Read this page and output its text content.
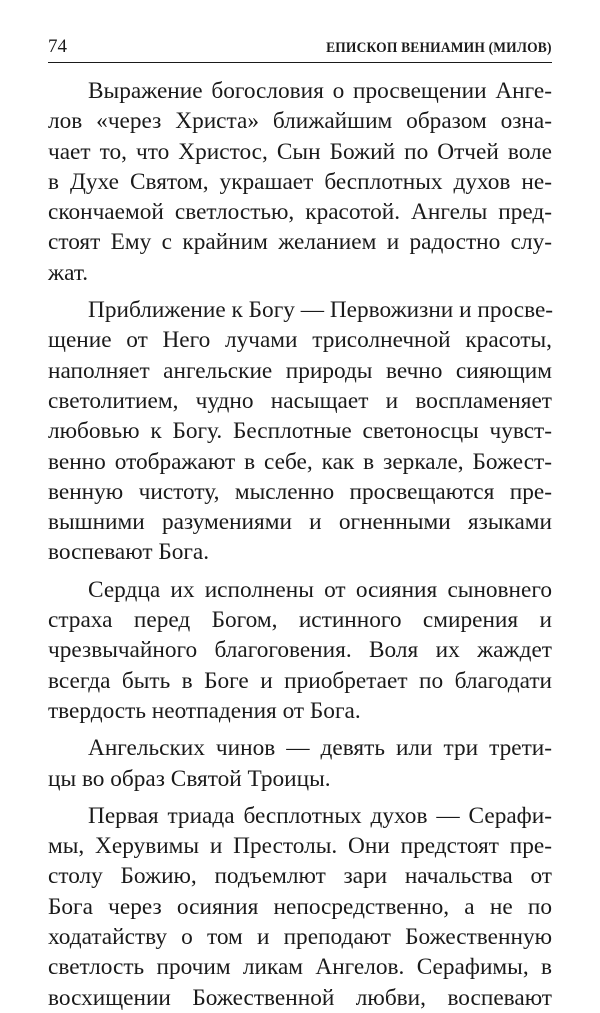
74	ЕПИСКОП ВЕНИАМИН (МИЛОВ)

Выражение богословия о просвещении Анге-
лов «через Христа» ближайшим образом озна-
чает то, что Христос, Сын Божий по Отчей воле
в Духе Святом, украшает бесплотных духов не-
скончаемой светлостью, красотой. Ангелы пред-
стоят Ему с крайним желанием и радостно слу-
жат.

Приближение к Богу — Первожизни и просве-
щение от Него лучами трисолнечной красоты,
наполняет ангельские природы вечно сияющим
светолитием, чудно насыщает и воспламеняет
любовью к Богу. Бесплотные светоносцы чувст-
венно отображают в себе, как в зеркале, Божест-
венную чистоту, мысленно просвещаются пре-
вышними разумениями и огненными языками
воспевают Бога.

Сердца их исполнены от осияния сыновнего
страха перед Богом, истинного смирения и
чрезвычайного благоговения. Воля их жаждет
всегда быть в Боге и приобретает по благодати
твердость неотпадения от Бога.

Ангельских чинов — девять или три трети-
цы во образ Святой Троицы.

Первая триада бесплотных духов — Серафи-
мы, Херувимы и Престолы. Они предстоят пре-
столу Божию, подъемлют зари начальства от
Бога через осияния непосредственно, а не по
ходатайству о том и преподают Божественную
светлость прочим ликам Ангелов. Серафимы, в
восхищении Божественной любви, воспевают
